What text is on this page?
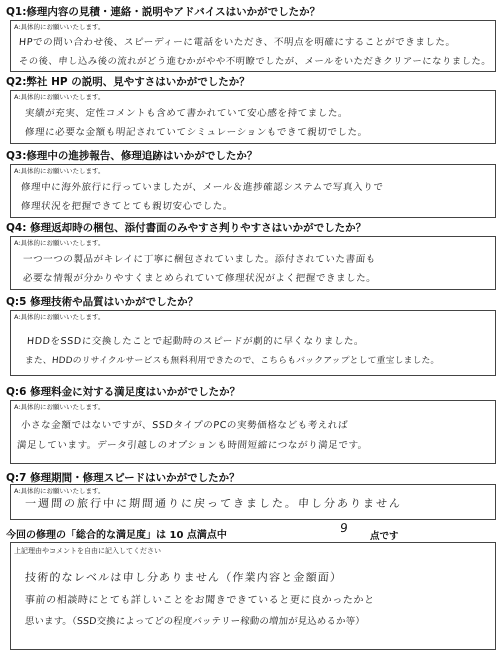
Q1:修理内容の見積・連絡・説明やアドバイスはいかがでしたか？
A:具体的にお願いいたします。
HPでの問い合わせ後、スピーディーに電話をいただき、不明点を明確にすることができました。
その後、申し込み後の流れがどう進むかがやや不明瞭でしたが、メールをいただきクリアーになりました。
Q2:弊社 HP の説明、見やすさはいかがでしたか？
A:具体的にお願いいたします。
実績が充実、定性コメントも含めて書かれていて安心感を持てました。
修理に必要な金額も明記されていてシミュレーションもできて親切でした。
Q3:修理中の進捗報告、修理追跡はいかがでしたか？
A:具体的にお願いいたします。
修理中に海外旅行に行っていましたが、メール＆進捗確認システムで写真入りで
修理状況を把握できてとても親切安心でした。
Q4: 修理返却時の梱包、添付書面のみやすさ判りやすさはいかがでしたか？
A:具体的にお願いいたします。
一つ一つの製品がキレイに丁寧に梱包されていました。添付されていた書面も
必要な情報が分かりやすくまとめられていて修理状況がよく把握できました。
Q:5 修理技術や品質はいかがでしたか？
A:具体的にお願いいたします。
HDDをSSDに交換したことで起動時のスピードが劇的に早くなりました。
また、HDDのリサイクルサービスも無料利用できたので、こちらもバックアップとして重宝しました。
Q:6 修理料金に対する満足度はいかがでしたか？
A:具体的にお願いいたします。
小さな金額ではないですが、SSDタイプのPCの実勢価格なども考えれば
満足しています。データ引越しのオプションも時間短縮につながり満足です。
Q:7 修理期間・修理スピードはいかがでしたか？
A:具体的にお願いいたします。
一週間の旅行中に期間通りに戻ってきました。申し分ありません
今回の修理の「総合的な満足度」は 10 点満点中
9
点です
上記理由やコメントを自由に記入してください
技術的なレベルは申し分ありません（作業内容と金額面）
事前の相談時にとても詳しいことをお聞きできていると更に良かったかと
思います。（SSD交換によってどの程度バッテリー稼動の増加が見込めるか等）
